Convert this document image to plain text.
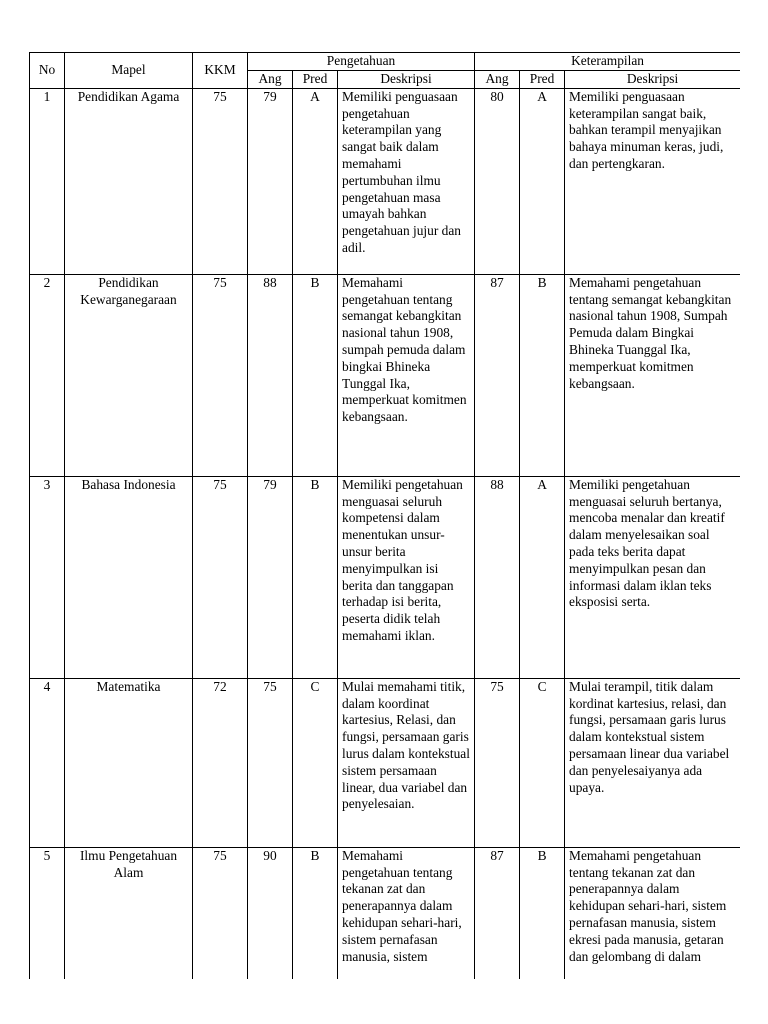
No	Mapel	KKM	Pengetahuan			Keterampilan		
			Ang	Pred	Deskripsi	Ang	Pred	Deskripsi
1	Pendidikan Agama	75	79	A	Memiliki penguasaan pengetahuan keterampilan yang sangat baik dalam memahami pertumbuhan ilmu pengetahuan masa umayah bahkan pengetahuan jujur dan adil.	80	A	Memiliki penguasaan keterampilan sangat baik, bahkan terampil menyajikan bahaya minuman keras, judi, dan pertengkaran.
2	Pendidikan Kewarganegaraan	75	88	B	Memahami pengetahuan tentang semangat kebangkitan nasional tahun 1908, sumpah pemuda dalam bingkai Bhineka Tunggal Ika, memperkuat komitmen kebangsaan.	87	B	Memahami pengetahuan tentang semangat kebangkitan nasional tahun 1908, Sumpah Pemuda dalam Bingkai Bhineka Tuanggal Ika, memperkuat komitmen kebangsaan.
3	Bahasa Indonesia	75	79	B	Memiliki pengetahuan menguasai seluruh kompetensi dalam menentukan unsur-unsur berita menyimpulkan isi berita dan tanggapan terhadap isi berita, peserta didik telah memahami iklan.	88	A	Memiliki pengetahuan menguasai seluruh bertanya, mencoba menalar dan kreatif dalam menyelesaikan soal pada teks berita dapat menyimpulkan pesan dan informasi dalam iklan teks eksposisi serta.
4	Matematika	72	75	C	Mulai memahami titik, dalam koordinat kartesius, Relasi, dan fungsi, persamaan garis lurus dalam kontekstual sistem persamaan linear, dua variabel dan penyelesaian.	75	C	Mulai terampil, titik dalam kordinat kartesius, relasi, dan fungsi, persamaan garis lurus dalam kontekstual sistem persamaan linear dua variabel dan penyelesaiyanya ada upaya.
5	Ilmu Pengetahuan Alam	75	90	B	Memahami pengetahuan tentang tekanan zat dan penerapannya dalam kehidupan sehari-hari, sistem pernafasan manusia, sistem	87	B	Memahami pengetahuan tentang tekanan zat dan penerapannya dalam kehidupan sehari-hari, sistem pernafasan manusia, sistem ekresi pada manusia, getaran dan gelombang di dalam
